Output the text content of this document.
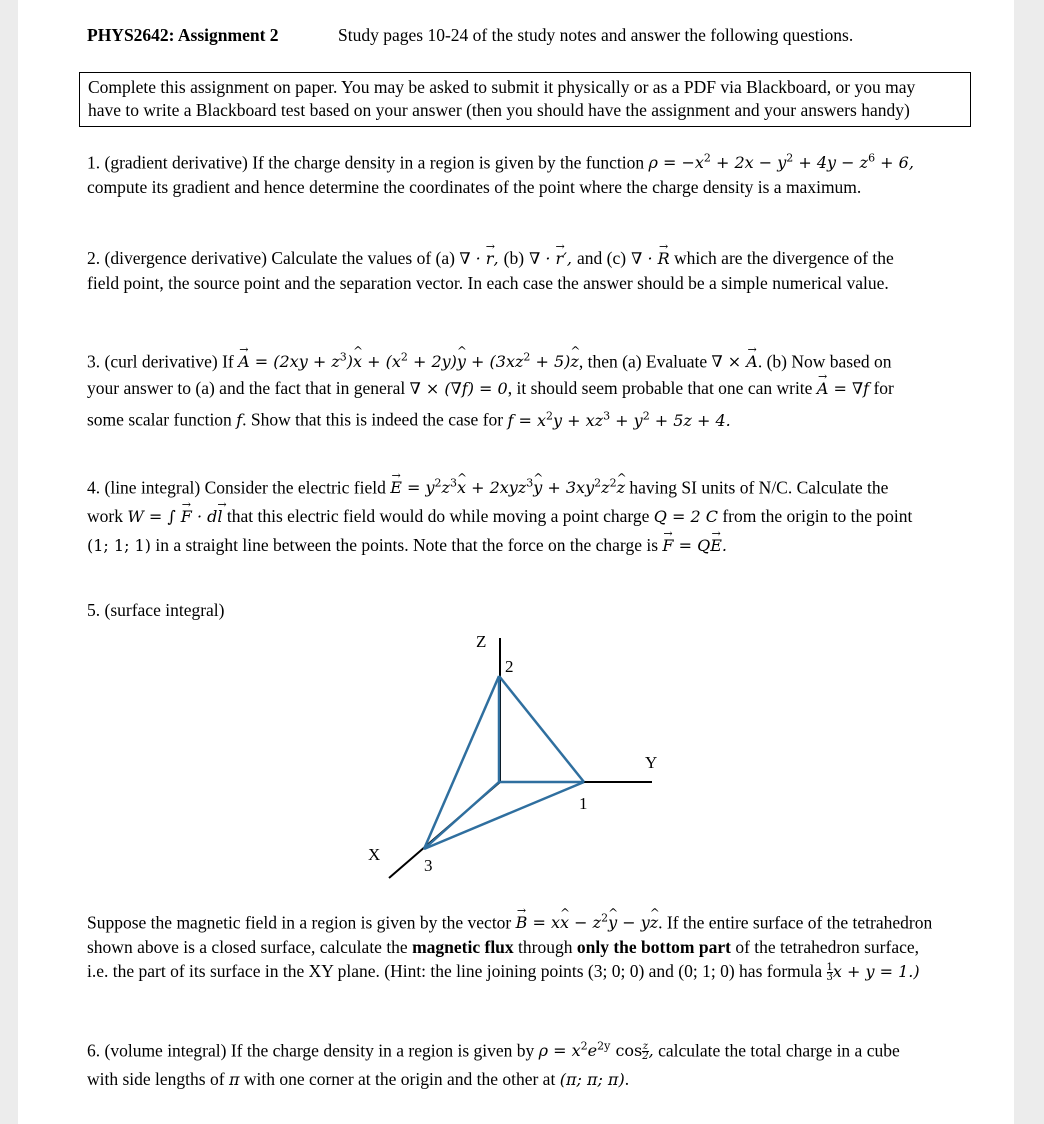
PHYS2642: Assignment 2	Study pages 10-24 of the study notes and answer the following questions.
Complete this assignment on paper. You may be asked to submit it physically or as a PDF via Blackboard, or you may
have to write a Blackboard test based on your answer (then you should have the assignment and your answers handy)

1. (gradient derivative) If the charge density in a region is given by the function $\rho = -x^2 + 2x - y^2 + 4y - z^6 + 6$,

compute its gradient and hence determine the coordinates of the point where the charge density is a maximum.

2. (divergence derivative) Calculate the values of (a) ∇ · → r, (b) ∇ · → r′, and (c) ∇ · → R which are the divergence of the

field point, the source point and the separation vector. In each case the answer should be a simple numerical value.

3. (curl derivative) $If \to A = (2xy + z^3)\^{}$ $x + (x^2$ + 2y)^ $y + (3xz^2$ + 5)^ z, then (a) Evaluate ∇ × → A. (b) Now based on

your answer to (a) and the fact that in general ∇ × (∇f) = 0, it should seem probable that one can write → A = ∇f for

some scalar function f. Show that this is indeed the case for $f = x^2y + xz^3 + y^2 + 5z + 4$.

4. (line integral) Consider the electric field → $E = y^2z^3\^{}$ x + 2xyz$^3$^ $y + 3xy^2z^2\^{}$ z having SI units of N/C. Calculate the

work W = ∫ → F · d→ l that this electric field would do while moving a point charge Q = 2 C from the origin to the point

(1; 1; 1) in a straight line between the points. Note that the force on the charge is → F = Q→ E.

5. (surface integral)

Z
2
Y
1
X
3

Suppose the magnetic field in a region is given by the vector → B = x^ $x - z^2\^{}$ y − y^ z. If the entire surface of the tetrahedron

shown above is a closed surface, calculate the magnetic flux through only the bottom part of the tetrahedron surface,

i.e. the part of its surface in the XY plane. (Hint: the line joining points (3; 0; 0) and (0; 1; 0) has formula $\frac{1}{3}$ x + y = 1.)

6. (volume integral) If the charge density in a region is given by $\rho = x^2e^{2y}$ $\cos \frac{z}{2}$ , calculate the total charge in a cube

with side lengths of π with one corner at the origin and the other at (π; π; π).
